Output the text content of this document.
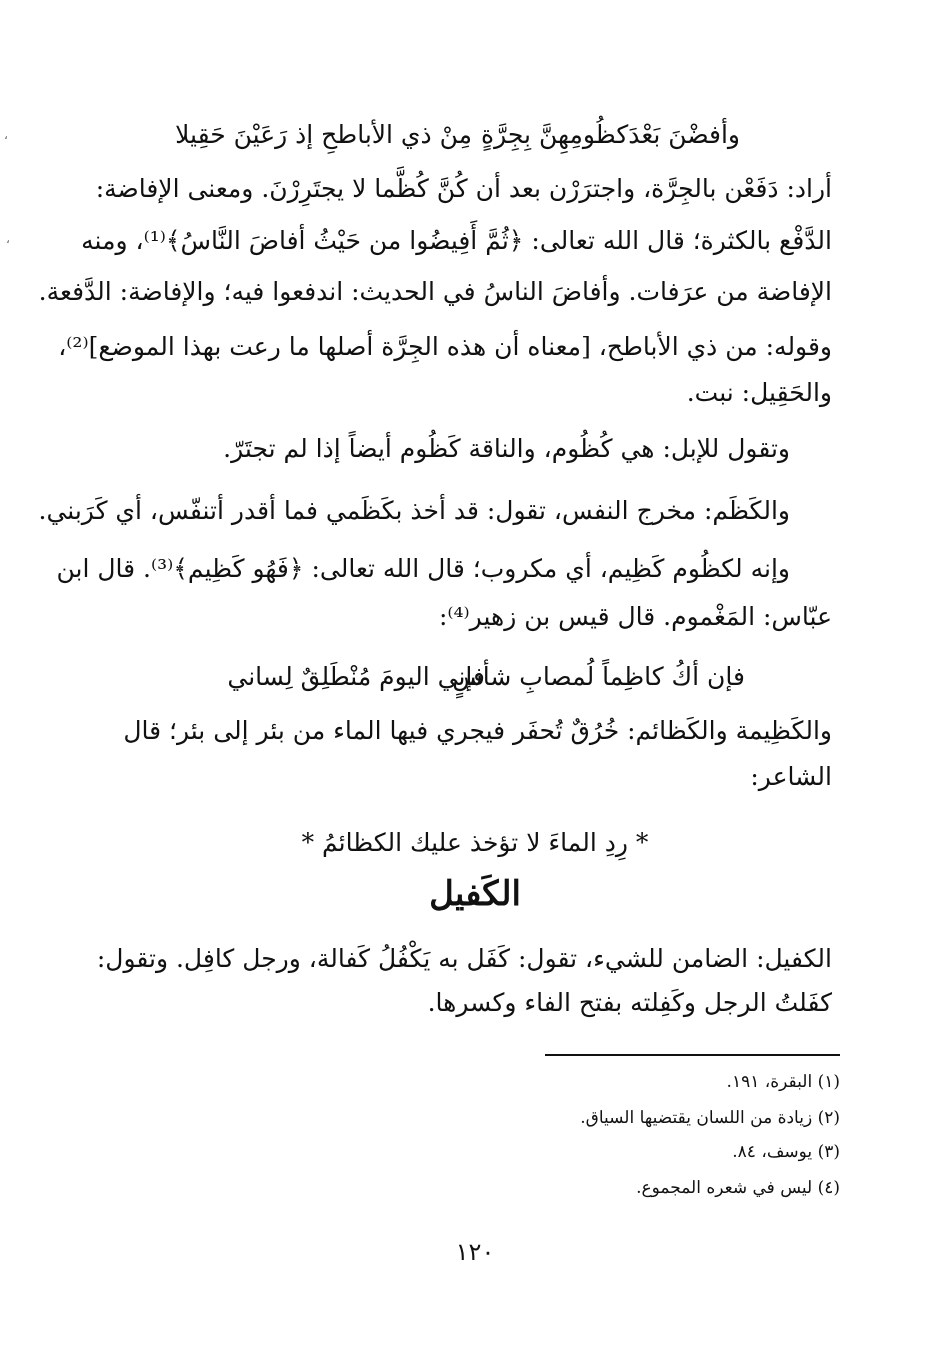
،
،
وأفضْنَ بَعْدَكظُومِهِنَّ بِجِرَّةٍ
مِنْ ذي الأباطحِ إذ رَعَيْنَ حَقِيلا
أراد: دَفَعْن بالجِرَّة، واجترَرْن بعد أن كُنَّ كُظَّما لا يجتَرِرْنَ. ومعنى الإفاضة:
الدَّفْع بالكثرة؛ قال الله تعالى: ﴿ثُمَّ أَفِيضُوا من حَيْثُ أفاضَ النَّاسُ﴾⁽¹⁾، ومنه
الإفاضة من عرَفات. وأفاضَ الناسُ في الحديث: اندفعوا فيه؛ والإفاضة: الدَّفعة.
وقوله: من ذي الأباطح، [معناه أن هذه الجِرَّة أصلها ما رعت بهذا الموضع]⁽²⁾،
والحَقِيل: نبت.
وتقول للإبل: هي كُظُوم، والناقة كَظُوم أيضاً إذا لم تجتَرّ.
والكَظَم: مخرج النفس، تقول: قد أخذ بكَظَمي فما أقدر أتنفّس، أي كَرَبني.
وإنه لكظُوم كَظِيم، أي مكروب؛ قال الله تعالى: ﴿فَهُو كَظِيم﴾⁽³⁾. قال ابن
عبّاس: المَغْموم. قال قيس بن زهير⁽⁴⁾:
فإن أكُ كاظِماً لُمصابِ شأسٍ
فإني اليومَ مُنْطَلِقٌ لِساني
والكَظِيمة والكَظائم: خُرُقٌ تُحفَر فيجري فيها الماء من بئر إلى بئر؛ قال
الشاعر:
* رِدِ الماءَ لا تؤخذ عليك الكظائمُ *
الكَفيل
الكفيل: الضامن للشيء، تقول: كَفَل به يَكْفُلُ كَفالة، ورجل كافِل. وتقول:
كفَلتُ الرجل وكَفِلته بفتح الفاء وكسرها.
(١) البقرة، ١٩١.
(٢) زيادة من اللسان يقتضيها السياق.
(٣) يوسف، ٨٤.
(٤) ليس في شعره المجموع.
١٢٠
